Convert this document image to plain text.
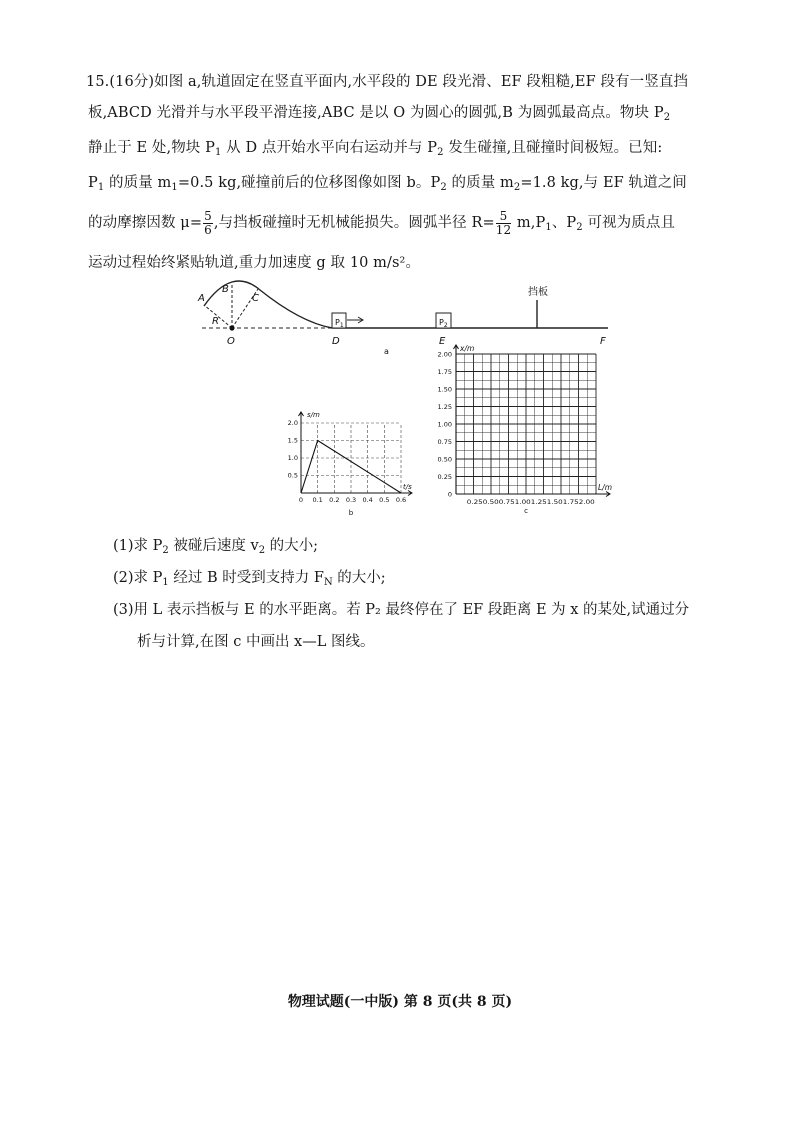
15.(16分)如图 a,轨道固定在竖直平面内,水平段的 DE 段光滑、EF 段粗糙,EF 段有一竖直挡
板,ABCD 光滑并与水平段平滑连接,ABC 是以 O 为圆心的圆弧,B 为圆弧最高点。物块 $P_2$
静止于 E 处,物块 $P_1$ 从 D 点开始水平向右运动并与 $P_2$ 发生碰撞,且碰撞时间极短。已知:
$P_1$ 的质量 $m_1=0.5$ kg,碰撞前后的位移图像如图 b。$P_2$ 的质量 $m_2=1.8$ kg,与 EF 轨道之间
的动摩擦因数 $\mu= \frac{5}{6}$ ,与挡板碰撞时无机械能损失。圆弧半径 $R= \frac{5}{12} m,P_1$、$P_2$ 可视为质点且
运动过程始终紧贴轨道,重力加速度 g 取 10 m/s²。

$P_1$	$P_2$
挡板
A
B
C
R
O	D	E	F
a
s/m
t/s
0 0.1 0.2 0.3 0.4 0.5 0.6
0.5
1.0
1.5
2.0
b
x/m
L/m
0
0.25
0.50
0.75
1.00
1.25
1.50
1.75
2.00
0.250.500.751.001.251.501.752.00
c

(1)求 $P_2$ 被碰后速度 $v_2$ 的大小;

(2)求 $P_1$ 经过 B 时受到支持力 $F_N$ 的大小;

(3)用 L 表示挡板与 E 的水平距离。若 P₂ 最终停在了 EF 段距离 E 为 x 的某处,试通过分

析与计算,在图 c 中画出 x—L 图线。

物理试题(一中版) 第 8 页(共 8 页)
